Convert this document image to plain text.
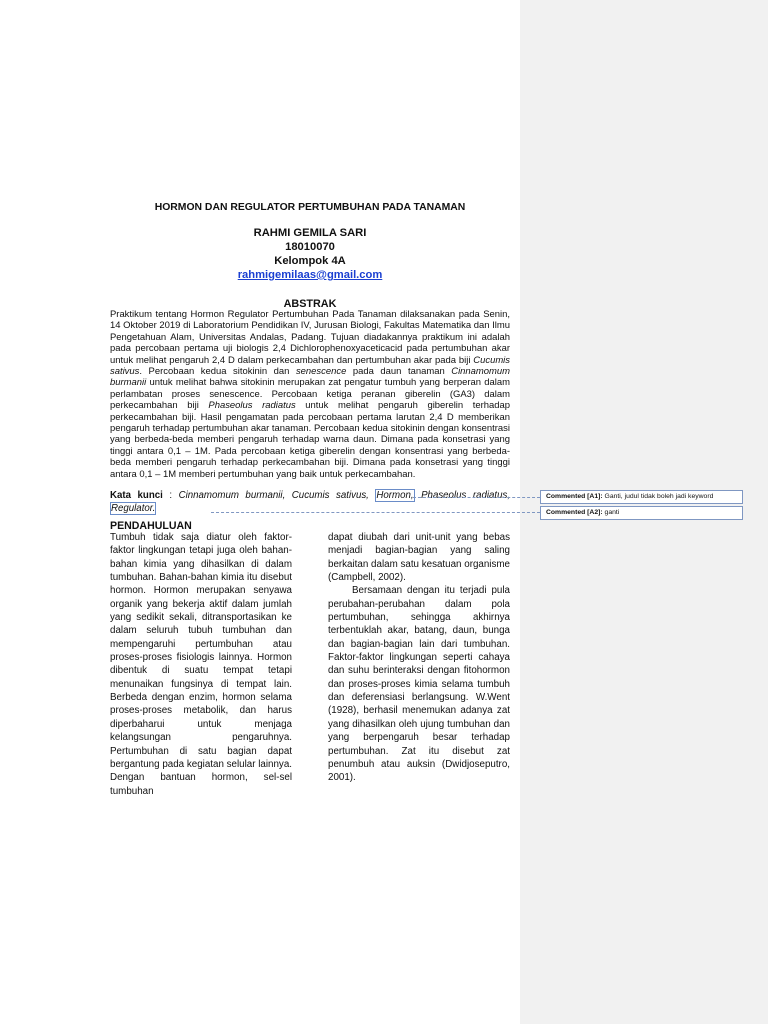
HORMON DAN REGULATOR PERTUMBUHAN PADA TANAMAN
RAHMI GEMILA SARI
18010070
Kelompok 4A
rahmigemilaas@gmail.com
ABSTRAK

Praktikum tentang Hormon Regulator Pertumbuhan Pada Tanaman dilaksanakan pada Senin, 14 Oktober 2019 di Laboratorium Pendidikan IV, Jurusan Biologi, Fakultas Matematika dan Ilmu Pengetahuan Alam, Universitas Andalas, Padang. Tujuan diadakannya praktikum ini adalah pada percobaan pertama uji biologis 2,4 Dichlorophenoxyaceticacid pada pertumbuhan akar untuk melihat pengaruh 2,4 D dalam perkecambahan dan pertumbuhan akar pada biji Cucumis sativus. Percobaan kedua sitokinin dan senescence pada daun tanaman Cinnamomum burmanii untuk melihat bahwa sitokinin merupakan zat pengatur tumbuh yang berperan dalam perlambatan proses senescence. Percobaan ketiga peranan giberelin (GA3) dalam perkecambahan biji Phaseolus radiatus untuk melihat pengaruh giberelin terhadap perkecambahan biji. Hasil pengamatan pada percobaan pertama larutan 2,4 D memberikan pengaruh terhadap pertumbuhan akar tanaman. Percobaan kedua sitokinin dengan konsentrasi yang berbeda-beda memberi pengaruh terhadap warna daun. Dimana pada konsetrasi yang tinggi antara 0,1 – 1M. Pada percobaan ketiga giberelin dengan konsentrasi yang berbeda-beda memberi pengaruh terhadap perkecambahan biji. Dimana pada konsetrasi yang tinggi antara 0,1 – 1M memberi pertumbuhan yang baik untuk perkecambahan.

Kata kunci : Cinnamomum burmanii, Cucumis sativus, Hormon, Phaseolus radiatus, Regulator.

PENDAHULUAN

Tumbuh tidak saja diatur oleh faktor-faktor lingkungan tetapi juga oleh bahan-bahan kimia yang dihasilkan di dalam tumbuhan. Bahan-bahan kimia itu disebut hormon. Hormon merupakan senyawa organik yang bekerja aktif dalam jumlah yang sedikit sekali, ditransportasikan ke dalam seluruh tubuh tumbuhan dan mempengaruhi pertumbuhan atau proses-proses fisiologis lainnya. Hormon dibentuk di suatu tempat tetapi menunaikan fungsinya di tempat lain. Berbeda dengan enzim, hormon selama proses-proses metabolik, dan harus diperbaharui untuk menjaga kelangsungan pengaruhnya. Pertumbuhan di satu bagian dapat bergantung pada kegiatan selular lainnya. Dengan bantuan hormon, sel-sel tumbuhan

dapat diubah dari unit-unit yang bebas menjadi bagian-bagian yang saling berkaitan dalam satu kesatuan organisme (Campbell, 2002).

Bersamaan dengan itu terjadi pula perubahan-perubahan dalam pola pertumbuhan, sehingga akhirnya terbentuklah akar, batang, daun, bunga dan bagian-bagian lain dari tumbuhan. Faktor-faktor lingkungan seperti cahaya dan suhu berinteraksi dengan fitohormon dan proses-proses kimia selama tumbuh dan deferensiasi berlangsung. W.Went (1928), berhasil menemukan adanya zat yang dihasilkan oleh ujung tumbuhan dan yang berpengaruh besar terhadap pertumbuhan. Zat itu disebut zat penumbuh atau auksin (Dwidjoseputro, 2001).

Commented [A1]: Ganti, judul tidak boleh jadi keyword
Commented [A2]: ganti
